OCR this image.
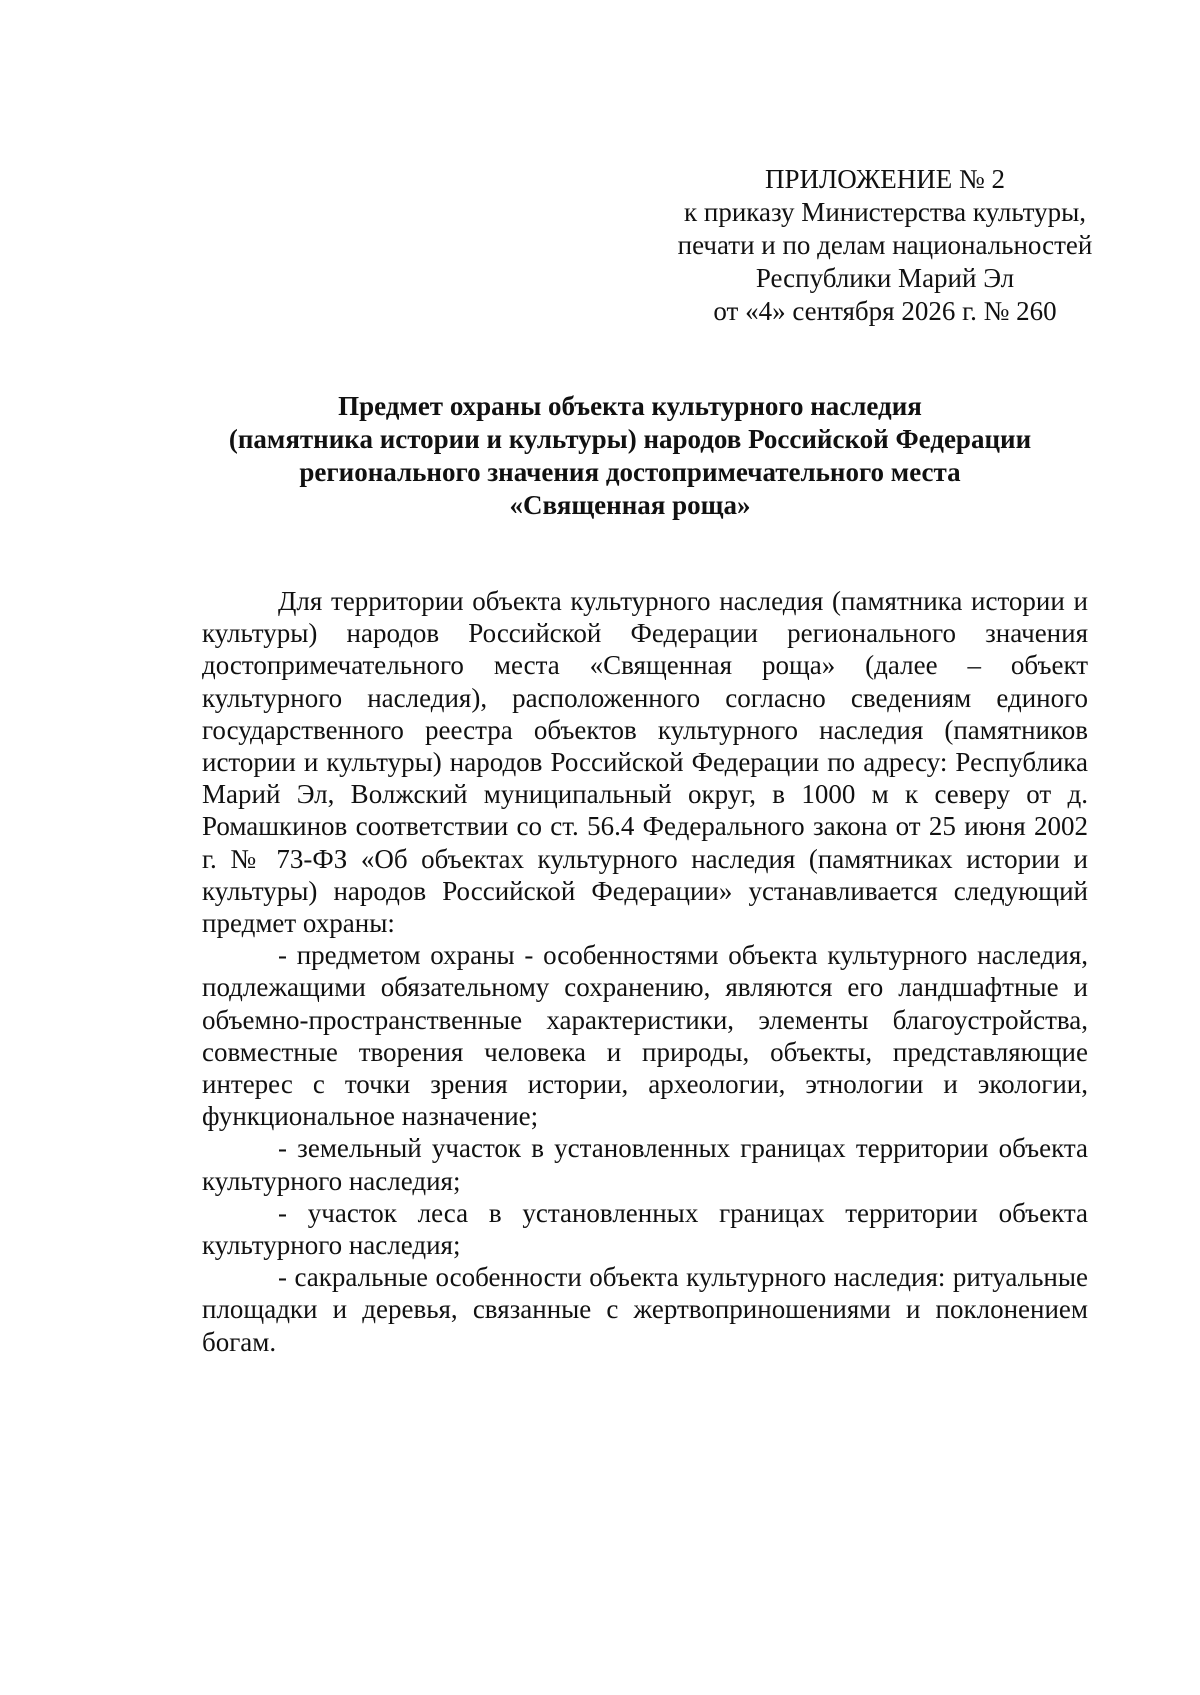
ПРИЛОЖЕНИЕ № 2
к приказу Министерства культуры,
печати и по делам национальностей
Республики Марий Эл
от «4» сентября 2026 г. № 260
Предмет охраны объекта культурного наследия
(памятника истории и культуры) народов Российской Федерации
регионального значения достопримечательного места
«Священная роща»

Для территории объекта культурного наследия (памятника истории и культуры) народов Российской Федерации регионального значения достопримечательного места «Священная роща» (далее – объект культурного наследия), расположенного согласно сведениям единого государственного реестра объектов культурного наследия (памятников истории и культуры) народов Российской Федерации по адресу: Республика Марий Эл, Волжский муниципальный округ, в 1000 м к северу от д. Ромашкинов соответствии со ст. 56.4 Федерального закона от 25 июня 2002 г. № 73-ФЗ «Об объектах культурного наследия (памятниках истории и культуры) народов Российской Федерации» устанавливается следующий предмет охраны:

- предметом охраны - особенностями объекта культурного наследия, подлежащими обязательному сохранению, являются его ландшафтные и объемно-пространственные характеристики, элементы благоустройства, совместные творения человека и природы, объекты, представляющие интерес с точки зрения истории, археологии, этнологии и экологии, функциональное назначение;

- земельный участок в установленных границах территории объекта культурного наследия;

- участок леса в установленных границах территории объекта культурного наследия;

- сакральные особенности объекта культурного наследия: ритуальные площадки и деревья, связанные с жертвоприношениями и поклонением богам.
